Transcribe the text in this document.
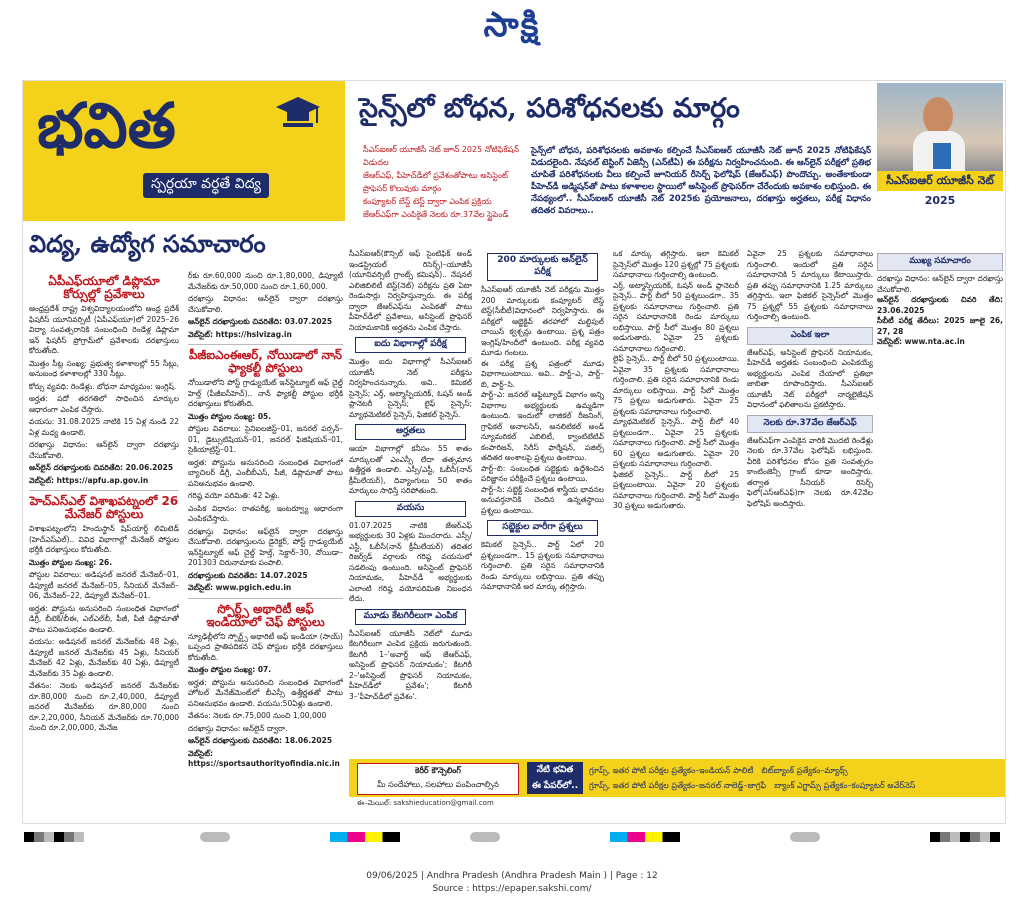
సాక్షి
భవిత
స్పర్ధయా వర్ధతే విద్య
విద్య, ఉద్యోగ సమాచారం
ఏపీఎఫ్‌యూలో డిప్లొమా కోర్సుల్లో ప్రవేశాలు

ఆంధ్రప్రదేశ్ రాష్ట్ర విశ్వవిద్యాలయంలోని ఆంధ్ర ప్రదేశ్ ఫిషరీస్ యూనివర్సిటీ (ఏపీఎఫ్‌యూ)లో 2025–26 విద్యా సంవత్సరానికి సంబంధించి రెండేళ్ల డిప్లొమా ఇన్ ఫిషరీస్ ప్రోగ్రామ్‌లో ప్రవేశాలకు దరఖాస్తులు కోరుతోంది.

మొత్తం సీట్ల సంఖ్య: ప్రభుత్వ కళాశాలల్లో 55 సీట్లు, అనుబంధ కళాశాలల్లో 330 సీట్లు.

కోర్సు వ్యవధి: రెండేళ్లు. బోధనా మాధ్యమం: ఇంగ్లిష్.

అర్హత: పదో తరగతిలో సాధించిన మార్కుల ఆధారంగా ఎంపిక చేస్తారు.

వయసు: 31.08.2025 నాటికి 15 ఏళ్ల నుండి 22 ఏళ్ల మధ్య ఉండాలి.

దరఖాస్తు విధానం: ఆన్‌లైన్ ద్వారా దరఖాస్తు చేసుకోవాలి.

ఆన్‌లైన్ దరఖాస్తులకు చివరితేది: 20.06.2025

వెబ్‌సైట్: https://apfu.ap.gov.in

హెచ్‌ఎస్‌ఎల్ విశాఖపట్నంలో 26 మేనేజర్ పోస్టులు

విశాఖపట్నంలోని హిందుస్థాన్ షిప్‌యార్డ్ లిమిటెడ్ (హెచ్‌ఎస్‌ఎల్).. వివిధ విభాగాల్లో మేనేజర్ పోస్టుల భర్తీకి దరఖాస్తులు కోరుతోంది.

మొత్తం పోస్టుల సంఖ్య: 26.

పోస్టుల వివరాలు: అడిషనల్ జనరల్ మేనేజర్–01, డిప్యూటీ జనరల్ మేనేజర్–05, సీనియర్ మేనేజర్–06, మేనేజర్–22, డిప్యూటీ మేనేజర్–01.

అర్హత: పోస్టును అనుసరించి సంబంధిత విభాగంలో డిగ్రీ, బీటెక్/బీఈ, ఎల్ఎల్‌బీ, పీజీ, పీజీ డిప్లొమాతో పాటు పనిఅనుభవం ఉండాలి.

వయసు: అడిషనల్ జనరల్ మేనేజర్‌కు 48 ఏళ్లు, డిప్యూటీ జనరల్ మేనేజర్‌కు 45 ఏళ్లు, సీనియర్ మేనేజర్ 42 ఏళ్లు, మేనేజర్‌కు 40 ఏళ్లు, డిప్యూటీ మేనేజర్‌కు 35 ఏళ్లు ఉండాలి.

వేతనం: నెలకు అడిషనల్ జనరల్ మేనేజర్‌కు రూ.80,000 నుంచి రూ.2,40,000, డిప్యూటీ జనరల్ మేనేజర్‌కు రూ.80,000 నుంచి రూ.2,20,000, సీనియర్ మేనేజర్‌కు రూ.70,000 నుంచి రూ.2,00,000, మేనేజ

ర్‌కు రూ.60,000 నుంచి రూ.1,80,000, డిప్యూటీ మేనేజర్‌కు రూ.50,000 నుంచి రూ.1,60,000.

దరఖాస్తు విధానం: ఆన్‌లైన్ ద్వారా దరఖాస్తు చేసుకోవాలి.

ఆన్‌లైన్ దరఖాస్తులకు చివరితేది: 03.07.2025

వెబ్‌సైట్: https://hslvizag.in

పీజీఐఎంఈఆర్, నోయిడాలో నాన్ ఫ్యాకల్టీ పోస్టులు

నోయిడాలోని పోస్ట్ గ్రాడ్యుయేట్ ఇన్‌స్టిట్యూట్ ఆఫ్ చైల్డ్ హెల్త్ (పీజీఐసీహెచ్).. నాన్ ఫ్యాకల్టీ పోస్టుల భర్తీకి దరఖాస్తులు కోరుతోంది.

మొత్తం పోస్టుల సంఖ్య: 05.

పోస్టుల వివరాలు: సైనిఐలజిస్ట్–01, జనరల్ పర్సన్–01, డైట్సుటిషియన్–01, జనరల్ ఫిజిషియన్–01, సైకియాట్రిస్ట్–01.

అర్హత: పోస్టును అనుసరించి సంబంధిత విభాగంలో బ్యాచిలర్ డిగ్రీ, ఎంబీబీఎస్, పీజీ, డిప్లొమాతో పాటు పనిఅనుభవం ఉండాలి.

గరిష్ఠ వయో పరిమితి: 42 ఏళ్లు.

ఎంపిక విధానం: రాతపరీక్ష, ఇంటర్వ్యూ ఆధారంగా ఎంపికచేస్తారు.

దరఖాస్తు విధానం: ఆఫ్‌లైన్ ద్వారా దరఖాస్తు చేసుకోవాలి. దరఖాస్తులను డైరెక్టర్, పోస్ట్ గ్రాడ్యుయేట్ ఇన్‌స్టిట్యూట్ ఆఫ్ చైల్డ్ హెల్త్, సెక్టార్–30, నోయిడా–201303 చిరునామాకు పంపాలి.

దరఖాస్తులకు చివరితేది: 14.07.2025

వెబ్‌సైట్: www.pgich.edu.in

స్పోర్ట్స్ అథారిటీ ఆఫ్ ఇండియాలో చెఫ్ పోస్టులు

న్యూఢిల్లీలోని స్పోర్ట్స్ అథారిటీ ఆఫ్ ఇండియా (సాయ్) ఒప్పంద ప్రాతిపదికన చెఫ్ పోస్టుల భర్తీకి దరఖాస్తులు కోరుతోంది.

మొత్తం పోస్టుల సంఖ్య: 07.

అర్హత: పోస్టును అనుసరించి సంబంధిత విభాగంలో హోటల్ మేనేజ్‌మెంట్‌లో బీఎస్సీ ఉత్తీర్ణతతో పాటు పనిఅనుభవం ఉండాలి. వయసు:50ఏళ్లు ఉండాలి.

వేతనం: నెలకు రూ.75,000 నుంచి 1,00,000

దరఖాస్తు విధానం: ఆన్‌లైన్ ద్వారా.

ఆన్‌లైన్ దరఖాస్తులకు చివరితేది: 18.06.2025

వెబ్‌సైట్: https://sportsauthorityofindia.nic.in

సైన్స్‌లో బోధన, పరిశోధనలకు మార్గం
సీఎస్ఐఆర్ యూజీసీ నెట్ 2025
సీఎస్ఐఆర్ యూజీసీ నెట్ జూన్ 2025 నోటిఫికేషన్ విడుదల
జేఆర్ఎఫ్, పీహెచ్‌డీలో ప్రవేశంతోపాటు అసిస్టెంట్ ప్రొఫెసర్ కొలువుకు మార్గం
కంప్యూటర్ బేస్డ్ టెస్ట్ ద్వారా ఎంపిక ప్రక్రియ
జేఆర్ఎఫ్‌గా ఎంపికైతే నెలకు రూ.37వేల స్టైపెండ్
సైన్స్‌లో బోధన, పరిశోధనలకు అవకాశం కల్పించే సీఎస్ఐఆర్ యూజీసీ నెట్ జూన్ 2025 నోటిఫికేషన్ విడుదలైంది. నేషనల్ టెస్టింగ్ ఏజెన్సీ (ఎన్‌టీఏ) ఈ పరీక్షను నిర్వహించనుంది. ఈ ఆన్‌లైన్ పరీక్షలో ప్రతిభ చూపితే పరిశోధనలకు వీలు కల్పించే జూనియర్ రీసెర్చ్ ఫెలోషిప్ (జేఆర్ఎఫ్) పొందొచ్చు. అంతేకాకుండా పీహెచ్‌డీ అడ్మిషన్‌తో పాటు కళాశాలల స్థాయిలో అసిస్టెంట్ ప్రొఫెసర్‌గా చేరేందుకు అవకాశం లభిస్తుంది. ఈ నేపథ్యంలో.. సీఎస్ఐఆర్ యూజీసీ నెట్ 2025కు ప్రయోజనాలు, దరఖాస్తు అర్హతలు, పరీక్ష విధానం తదితర వివరాలు..
సీఎస్ఐఆర్(కౌన్సిల్ ఆఫ్ సైంటిఫిక్ అండ్ ఇండస్ట్రియల్ రిసెర్చ్)–యూజీసీ (యూనివర్సిటీ గ్రాంట్స్ కమిషన్).. నేషనల్ ఎలిజిబిలిటీ టెస్ట్(నెట్) పరీక్షను ప్రతి ఏటా రెండుసార్లు నిర్వహిస్తున్నారు. ఈ పరీక్ష ద్వారా జేఆర్ఎఫ్‌ను ఎంపికతో పాటు పీహెచ్‌డీలో ప్రవేశాలు, అసిస్టెంట్ ప్రొఫెసర్ నియామకానికి అర్హతను ఎంపిక చేస్తారు.
ఐదు విభాగాల్లో పరీక్ష
మొత్తం ఐదు విభాగాల్లో సీఎస్ఐఆర్ యూజీసీ నెట్ పరీక్షను నిర్వహించనున్నారు. అవి.. కెమికల్ సైన్సెస్; ఎర్త్, అట్మాస్ఫియరిక్, ఓషన్ అండ్ ప్లానెటరీ సైన్సెస్; లైఫ్ సైన్సెస్; మ్యాథమెటికల్ సైన్సెస్, ఫిజికల్ సైన్సెస్.
అర్హతలు
ఆయా విభాగాల్లో కనీసం 55 శాతం మార్కులతో ఎంఎస్సీ లేదా తత్సమాన ఉత్తీర్ణత ఉండాలి. ఎస్సీ/ఎస్టీ, ఓబీసీ(నాన్ క్రీమీలేయర్), దివ్యాంగులు 50 శాతం మార్కులు సాధిస్తే సరిపోతుంది.
వయసు
01.07.2025 నాటికి జేఆర్ఎఫ్ అభ్యర్థులకు 30 ఏళ్లకు మించరాదు. ఎస్సీ/ఎస్టీ, ఓబీసీ(నాన్ క్రీమీలేయర్) తదితర రిజర్వ్‌డ్ వర్గాలకు గరిష్ఠ వయసులో సడలింపు ఉంటుంది. అసిస్టెంట్ ప్రొఫెసర్ నియామకం, పీహెచ్‌డీ అభ్యర్థులకు ఎలాంటి గరిష్ఠ వయోపరిమితి నిబంధన లేదు.
మూడు కేటగిరీలుగా ఎంపిక
సీఎస్ఐఆర్ యూజీసీ నెట్‌లో మూడు కేటగిరీలుగా ఎంపిక ప్రక్రియ జరుగుతుంది. కేటగిరీ 1–'అవార్డ్ ఆఫ్ జేఆర్ఎఫ్, అసిస్టెంట్ ప్రొఫెసర్ నియామకం'; కేటగిరీ 2–'అసిస్టెంట్ ప్రొఫెసర్ నియామకం, పీహెచ్‌డీలో ప్రవేశం'; కేటగిరీ 3–'పీహెచ్‌డీలో ప్రవేశం'.
200 మార్కులకు ఆన్‌లైన్ పరీక్ష
సీఎస్ఐఆర్ యూజీసీ నెట్ పరీక్షను మొత్తం 200 మార్కులకు కంప్యూటర్ బేస్డ్ టెస్ట్(సీబీటీ)విధానంలో నిర్వహిస్తారు. ఈ పరీక్షలో ఆబ్జెక్టివ్ తరహాలో మల్టిపుల్ చాయిస్ క్వశ్చన్లు ఉంటాయి. ప్రశ్న పత్రం ఇంగ్లిష్/హిందీలో ఉంటుంది. పరీక్ష వ్యవధి మూడు గంటలు.
ఈ పరీక్ష ప్రశ్న పత్రంలో మూడు విభాగాలుంటాయి. అవి.. పార్ట్–ఎ, పార్ట్–బి, పార్ట్–సి.
పార్ట్–ఎ: జనరల్ ఆప్టిట్యూడ్ విభాగం అన్ని విభాగాల అభ్యర్థులకు ఉమ్మడిగా ఉంటుంది. ఇందులో లాజికల్ రీజనింగ్, గ్రాఫికల్ అనాలసిస్, అనలిటికల్ అండ్ న్యూమరికల్ ఎబిలిటీ, క్వాంటిటేటివ్ కంపారిజన్, సిరీస్ ఫార్మేషన్, పజిల్స్ తదితర అంశాలపై ప్రశ్నలు ఉంటాయి.
పార్ట్–బి: సంబంధిత సబ్జెక్టుకు ఉద్దేశించిన పరిజ్ఞానం పరీక్షించే ప్రశ్నలు ఉంటాయి.
పార్ట్–సి: సబ్జెక్ట్ సంబంధిత శాస్త్రీయ భావనల అనువర్తనానికి చెందిన ఉన్నతస్థాయి ప్రశ్నలు ఉంటాయి.
సబ్జెక్టుల వారీగా ప్రశ్నలు
కెమికల్ సైన్సెస్.. పార్ట్‌ ఏలో 20 ప్రశ్నలుండగా.. 15 ప్రశ్నలకు సమాధానాలు గుర్తించాలి. ప్రతి సరైన సమాధానానికి రెండు మార్కులు లభిస్తాయి. ప్రతి తప్పు సమాధానానికి అర మార్కు తగ్గిస్తారు.
ఒక మార్కు తగ్గిస్తారు. ఇలా కెమికల్ సైన్సెస్‌లో మొత్తం 120 ప్రశ్నల్లో 75 ప్రశ్నలకు సమాధానాలు గుర్తించాల్సి ఉంటుంది.
ఎర్త్, అట్మాస్ఫియరిక్, ఓషన్ అండ్ ప్లానెటరీ సైన్సెస్.. పార్ట్ బీలో 50 ప్రశ్నలుండగా.. 35 ప్రశ్నలకు సమాధానాలు గుర్తించాలి. ప్రతి సరైన సమాధానానికి రెండు మార్కులు లభిస్తాయి. పార్ట్ సీలో మొత్తం 80 ప్రశ్నలు అడుగుతారు. ఏవైనా 25 ప్రశ్నలకు సమాధానాలు గుర్తించాలి.
లైఫ్ సైన్సెస్.. పార్ట్ బీలో 50 ప్రశ్నలుంటాయి. ఏవైనా 35 ప్రశ్నలకు సమాధానాలు గుర్తించాలి. ప్రతి సరైన సమాధానానికి రెండు మార్కులు లభిస్తాయి. పార్ట్ సీలో మొత్తం 75 ప్రశ్నలు అడుగుతారు. ఏవైనా 25 ప్రశ్నలకు సమాధానాలు గుర్తించాలి.
మ్యాథమెటికల్ సైన్సెస్.. పార్ట్ బీలో 40 ప్రశ్నలుండగా.. ఏవైనా 25 ప్రశ్నలకు సమాధానాలు గుర్తించాలి. పార్ట్ సీలో మొత్తం 60 ప్రశ్నలు అడుగుతారు. ఏవైనా 20 ప్రశ్నలకు సమాధానాలు గుర్తించాలి.
ఫిజికల్ సైన్సెస్.. పార్ట్ బీలో 25 ప్రశ్నలుంటాయి. ఏవైనా 20 ప్రశ్నలకు సమాధానాలు గుర్తించాలి. పార్ట్ సీలో మొత్తం 30 ప్రశ్నలు అడుగుతారు.
ఏవైనా 25 ప్రశ్నలకు సమాధానాలు గుర్తించాలి. ఇందులో ప్రతి సరైన సమాధానానికి 5 మార్కులు కేటాయిస్తారు. ప్రతి తప్పు సమాధానానికి 1.25 మార్కులు తగ్గిస్తారు. ఇలా ఫిజికల్ సైన్సెస్‌లో మొత్తం 75 ప్రశ్నల్లో 55 ప్రశ్నలకు సమాధానాలు గుర్తించాల్సి ఉంటుంది.
ఎంపిక ఇలా
జేఆర్ఎఫ్, అసిస్టెంట్ ప్రొఫెసర్ నియామకం, పీహెచ్‌డీ అర్హతకు సంబంధించి ఎంపికయ్యే అభ్యర్థులను ఎంపిక చేయాలో ప్రతిభా జాబితా రూపొందిస్తారు. సీఎస్ఐఆర్ యూజీసీ నెట్ పరీక్షలో నార్మలైజేషన్ విధానంలో ఫలితాలను ప్రకటిస్తారు.
నెలకు రూ.37వేల జేఆర్ఎఫ్
జేఆర్ఎఫ్‌గా ఎంపికైన వారికి మొదటి రెండేళ్లు నెలకు రూ.37వేల ఫెలోషిప్ లభిస్తుంది. వీరికి పరిశోధనల కోసం ప్రతి సంవత్సరం కాంటింజెన్సీ గ్రాంట్ కూడా అందిస్తారు. తర్వాత సీనియర్ రిసెర్చ్ ఫెలో(ఎస్ఆర్ఎఫ్)గా నెలకు రూ.42వేల ఫెలోషిప్ అందిస్తారు.
ముఖ్య సమాచారం
దరఖాస్తు విధానం: ఆన్‌లైన్ ద్వారా దరఖాస్తు చేసుకోవాలి.
ఆన్‌లైన్ దరఖాస్తులకు చివరి తేది: 23.06.2025
సీబీటీ పరీక్ష తేదీలు: 2025 జూలై 26, 27, 28
వెబ్‌సైట్: www.nta.ac.in
కెరీర్ కౌన్సెలింగ్
మీ సందేహాలు, సలహాలు పంపించాల్సిన
నేటి భవిత
ఈ పేపర్‌లో..
గ్రూప్స్, ఇతర పోటీ పరీక్షల ప్రత్యేకం–ఇండియన్ పాలిటీ బిట్‌బ్యాంక్ ప్రత్యేకం–మ్యాథ్స్
గ్రూప్స్, ఇతర పోటీ పరీక్షల ప్రత్యేకం–జనరల్ నాలెడ్జ్–జాగ్రఫీ బ్యాంక్ ఎగ్జామ్స్ ప్రత్యేకం–కంప్యూటర్ అవేర్‌నెస్
ఈ–మెయిల్: sakshieducation@gmail.com
09/06/2025 | Andhra Pradesh (Andhra Pradesh Main ) | Page : 12
Source : https://epaper.sakshi.com/
